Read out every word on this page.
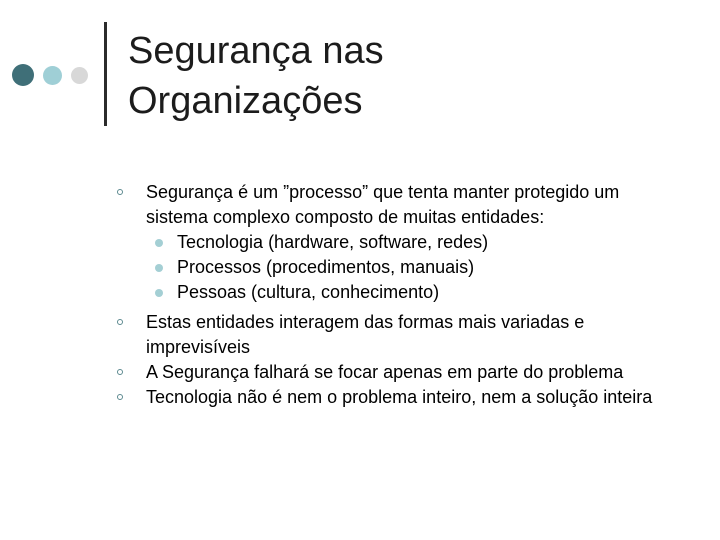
Segurança nas
Organizações
Segurança é um ”processo” que tenta manter protegido um
sistema complexo composto de muitas entidades:
Tecnologia (hardware, software, redes)
Processos (procedimentos, manuais)
Pessoas (cultura, conhecimento)
Estas entidades interagem das formas mais variadas e
imprevisíveis
A Segurança falhará se focar apenas em parte do problema
Tecnologia não é nem o problema inteiro, nem a solução inteira
